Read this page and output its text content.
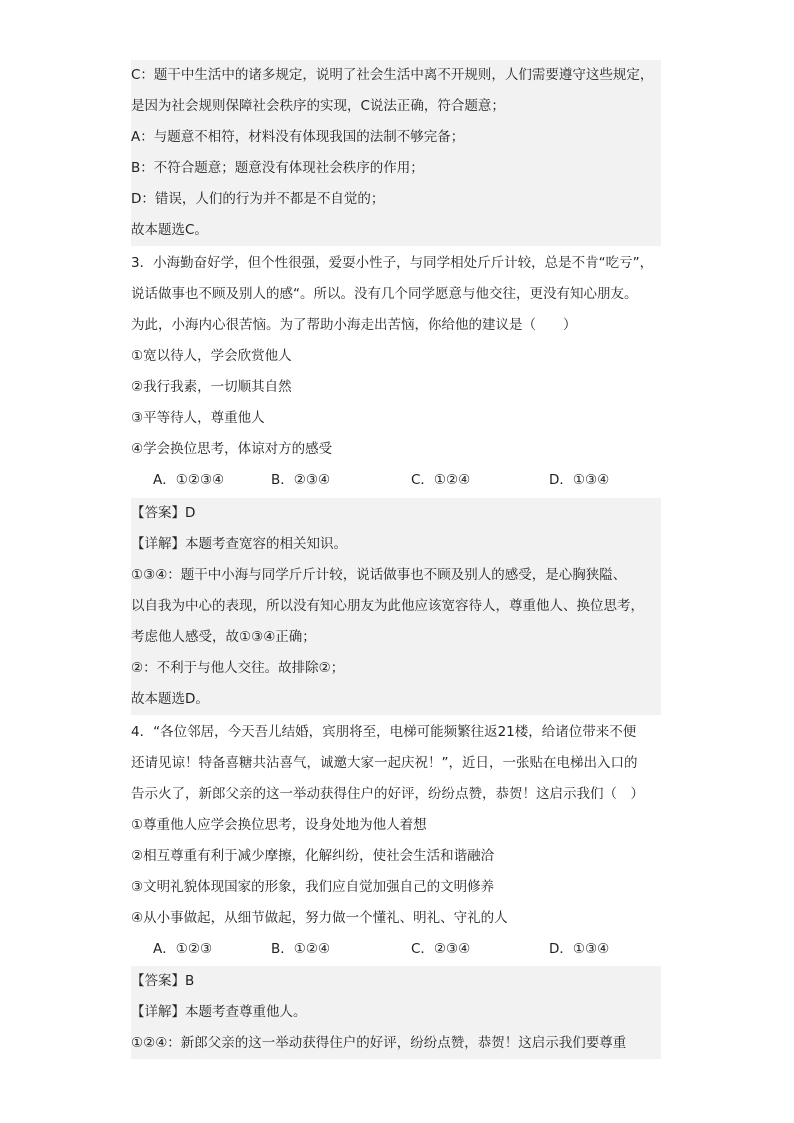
C：题干中生活中的诸多规定，说明了社会生活中离不开规则，人们需要遵守这些规定，
是因为社会规则保障社会秩序的实现，C说法正确，符合题意；
A：与题意不相符，材料没有体现我国的法制不够完备；
B：不符合题意；题意没有体现社会秩序的作用；
D：错误，人们的行为并不都是不自觉的；
故本题选C。
3．小海勤奋好学，但个性很强，爱耍小性子，与同学相处斤斤计较，总是不肯“吃亏”，
说话做事也不顾及别人的感“。所以。没有几个同学愿意与他交往，更没有知心朋友。
为此，小海内心很苦恼。为了帮助小海走出苦恼，你给他的建议是（　　）
①宽以待人，学会欣赏他人
②我行我素，一切顺其自然
③平等待人，尊重他人
④学会换位思考，体谅对方的感受
A．①②③④	B．②③④	C．①②④	D．①③④
【答案】D
【详解】本题考查宽容的相关知识。
①③④：题干中小海与同学斤斤计较，说话做事也不顾及别人的感受，是心胸狭隘、
以自我为中心的表现，所以没有知心朋友为此他应该宽容待人，尊重他人、换位思考，
考虑他人感受，故①③④正确；
②：不利于与他人交往。故排除②；
故本题选D。
4．“各位邻居，今天吾儿结婚，宾朋将至，电梯可能频繁往返21楼，给诸位带来不便
还请见谅！特备喜糖共沾喜气，诚邀大家一起庆祝！”，近日，一张贴在电梯出入口的
告示火了，新郎父亲的这一举动获得住户的好评，纷纷点赞，恭贺！这启示我们（　）
①尊重他人应学会换位思考，设身处地为他人着想
②相互尊重有利于减少摩擦，化解纠纷，使社会生活和谐融洽
③文明礼貌体现国家的形象，我们应自觉加强自己的文明修养
④从小事做起，从细节做起，努力做一个懂礼、明礼、守礼的人
A．①②③	B．①②④	C．②③④	D．①③④
【答案】B
【详解】本题考查尊重他人。
①②④：新郎父亲的这一举动获得住户的好评，纷纷点赞，恭贺！这启示我们要尊重
